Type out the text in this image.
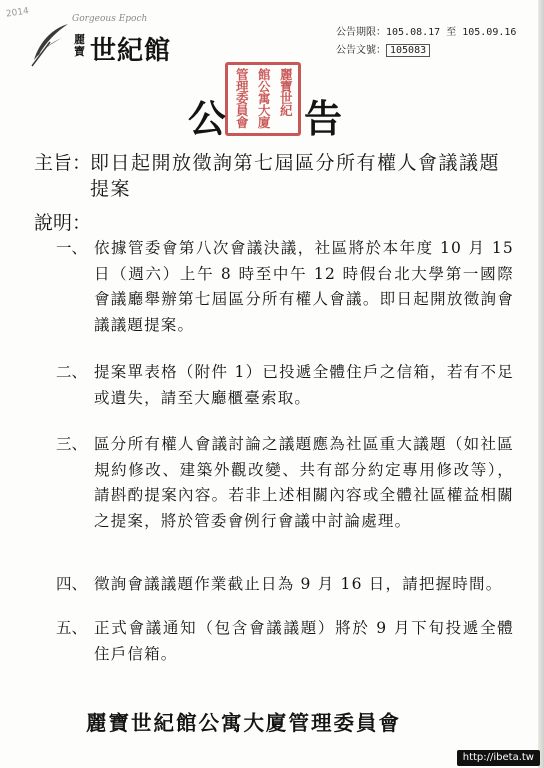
2014	Gorgeous Epoch
麗寶 世紀館
公告期限：105.08.17 至 105.09.16
公告文號： 105083
公
麗寶世紀
館公寓大廈
管理委員會 告
主旨：
即日起開放徵詢第七屆區分所有權人會議議題提案
說明：
一、 依據管委會第八次會議決議，社區將於本年度 10 月 15 日（週六）上午 8 時至中午 12 時假台北大學第一國際會議廳舉辦第七屆區分所有權人會議。即日起開放徵詢會議議題提案。
二、 提案單表格（附件 1）已投遞全體住戶之信箱，若有不足或遺失，請至大廳櫃臺索取。
三、 區分所有權人會議討論之議題應為社區重大議題（如社區規約修改、建築外觀改變、共有部分約定專用修改等），請斟酌提案內容。若非上述相關內容或全體社區權益相關之提案，將於管委會例行會議中討論處理。
四、 徵詢會議議題作業截止日為 9 月 16 日，請把握時間。
五、 正式會議通知（包含會議議題）將於 9 月下旬投遞全體住戶信箱。
麗寶世紀館公寓大廈管理委員會
http://ibeta.tw
